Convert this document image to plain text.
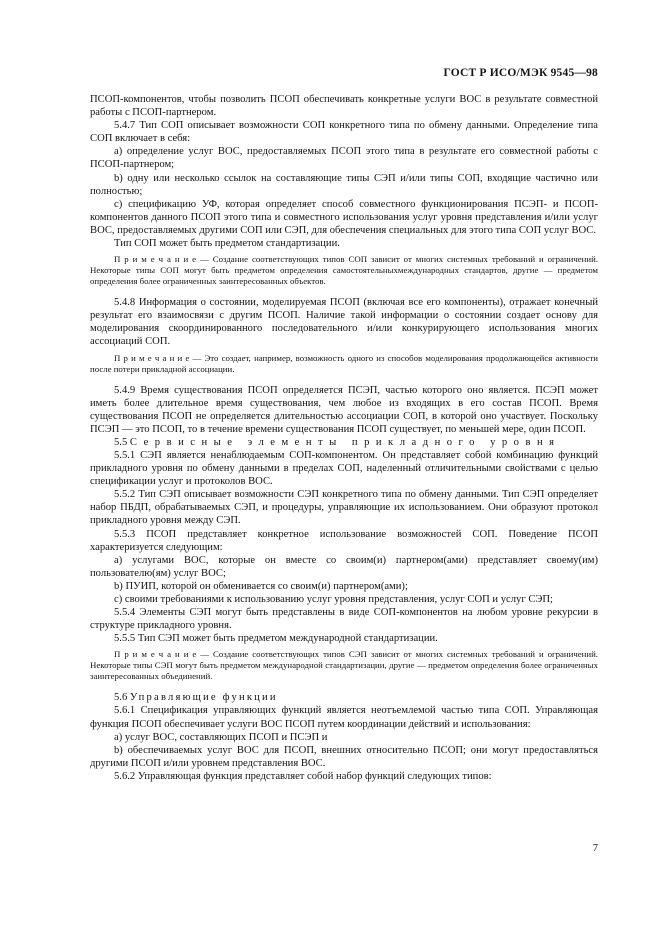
ГОСТ Р ИСО/МЭК 9545—98

ПСОП-компонентов, чтобы позволить ПСОП обеспечивать конкретные услуги ВОС в результате совместной работы с ПСОП-партнером.

5.4.7 Тип СОП описывает возможности СОП конкретного типа по обмену данными. Определение типа СОП включает в себя:

а) определение услуг ВОС, предоставляемых ПСОП этого типа в результате его совместной работы с ПСОП-партнером;

b) одну или несколько ссылок на составляющие типы СЭП и/или типы СОП, входящие частично или полностью;

с) спецификацию УФ, которая определяет способ совместного функционирования ПСЭП- и ПСОП-компонентов данного ПСОП этого типа и совместного использования услуг уровня представления и/или услуг ВОС, предоставляемых другими СОП или СЭП, для обеспечения специальных для этого типа СОП услуг ВОС.

Тип СОП может быть предметом стандартизации.

П р и м е ч а н и е — Создание соответствующих типов СОП зависит от многих системных требований и ограничений. Некоторые типы СОП могут быть предметом определения самостоятельныхмеждународных стандартов, другие — предметом определения более ограниченных заинтересованных объектов.

5.4.8 Информация о состоянии, моделируемая ПСОП (включая все его компоненты), отражает конечный результат его взаимосвязи с другим ПСОП. Наличие такой информации о состоянии создает основу для моделирования скоординированного последовательного и/или конкурирующего использования многих ассоциаций СОП.

П р и м е ч а н и е — Это создает, например, возможность одного из способов моделирования продолжающейся активности после потери прикладной ассоциации.

5.4.9 Время существования ПСОП определяется ПСЭП, частью которого оно является. ПСЭП может иметь более длительное время существования, чем любое из входящих в его состав ПСОП. Время существования ПСОП не определяется длительностью ассоциации СОП, в которой оно участвует. Поскольку ПСЭП — это ПСОП, то в течение времени существования ПСОП существует, по меньшей мере, один ПСОП.

5.5 Сервисные элементы прикладного уровня

5.5.1 СЭП является ненаблюдаемым СОП-компонентом. Он представляет собой комбинацию функций прикладного уровня по обмену данными в пределах СОП, наделенный отличительными свойствами с целью спецификации услуг и протоколов ВОС.

5.5.2 Тип СЭП описывает возможности СЭП конкретного типа по обмену данными. Тип СЭП определяет набор ПБДП, обрабатываемых СЭП, и процедуры, управляющие их использованием. Они образуют протокол прикладного уровня между СЭП.

5.5.3 ПСОП представляет конкретное использование возможностей СОП. Поведение ПСОП характеризуется следующим:

а) услугами ВОС, которые он вместе со своим(и) партнером(ами) представляет своему(им) пользователю(ям) услуг ВОС;

b) ПУИП, которой он обменивается со своим(и) партнером(ами);

с) своими требованиями к использованию услуг уровня представления, услуг СОП и услуг СЭП;

5.5.4 Элементы СЭП могут быть представлены в виде СОП-компонентов на любом уровне рекурсии в структуре прикладного уровня.

5.5.5 Тип СЭП может быть предметом международной стандартизации.

П р и м е ч а н и е — Создание соответствующих типов СЭП зависит от многих системных требований и ограничений. Некоторые типы СЭП могут быть предметом международной стандартизации, другие — предметом определения более ограниченных заинтересованных объединений.

5.6 Управляющие функции

5.6.1 Спецификация управляющих функций является неотъемлемой частью типа СОП. Управляющая функция ПСОП обеспечивает услуги ВОС ПСОП путем координации действий и использования:

а) услуг ВОС, составляющих ПСОП и ПСЭП и

b) обеспечиваемых услуг ВОС для ПСОП, внешних относительно ПСОП; они могут предоставляться другими ПСОП и/или уровнем представления ВОС.

5.6.2 Управляющая функция представляет собой набор функций следующих типов:

7
